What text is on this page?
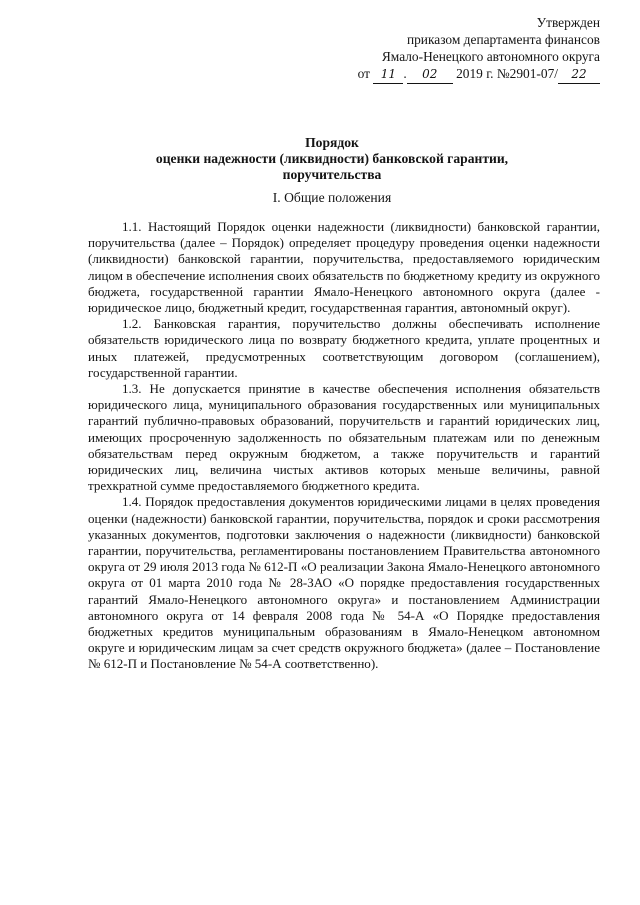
Утвержден
приказом департамента финансов
Ямало-Ненецкого автономного округа
от 11 . 02 2019 г. №2901-07/ 22
Порядок
оценки надежности (ликвидности) банковской гарантии,
поручительства
I. Общие положения

1.1. Настоящий Порядок оценки надежности (ликвидности) банковской гарантии, поручительства (далее – Порядок) определяет процедуру проведения оценки надежности (ликвидности) банковской гарантии, поручительства, предоставляемого юридическим лицом в обеспечение исполнения своих обязательств по бюджетному кредиту из окружного бюджета, государственной гарантии Ямало-Ненецкого автономного округа (далее - юридическое лицо, бюджетный кредит, государственная гарантия, автономный округ).

1.2. Банковская гарантия, поручительство должны обеспечивать исполнение обязательств юридического лица по возврату бюджетного кредита, уплате процентных и иных платежей, предусмотренных соответствующим договором (соглашением), государственной гарантии.

1.3. Не допускается принятие в качестве обеспечения исполнения обязательств юридического лица, муниципального образования государственных или муниципальных гарантий публично-правовых образований, поручительств и гарантий юридических лиц, имеющих просроченную задолженность по обязательным платежам или по денежным обязательствам перед окружным бюджетом, а также поручительств и гарантий юридических лиц, величина чистых активов которых меньше величины, равной трехкратной сумме предоставляемого бюджетного кредита.

1.4. Порядок предоставления документов юридическими лицами в целях проведения оценки (надежности) банковской гарантии, поручительства, порядок и сроки рассмотрения указанных документов, подготовки заключения о надежности (ликвидности) банковской гарантии, поручительства, регламентированы постановлением Правительства автономного округа от 29 июля 2013 года № 612-П «О реализации Закона Ямало-Ненецкого автономного округа от 01 марта 2010 года № 28-ЗАО «О порядке предоставления государственных гарантий Ямало-Ненецкого автономного округа» и постановлением Администрации автономного округа от 14 февраля 2008 года № 54-А «О Порядке предоставления бюджетных кредитов муниципальным образованиям в Ямало-Ненецком автономном округе и юридическим лицам за счет средств окружного бюджета» (далее – Постановление № 612-П и Постановление № 54-А соответственно).
